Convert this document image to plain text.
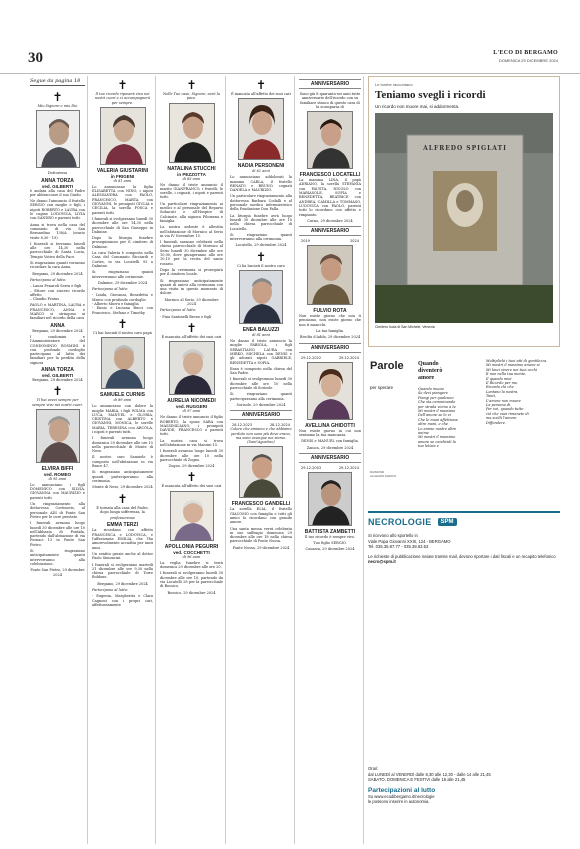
30	L'ECO DI BERGAMO
DOMENICA 29 DICEMBRE 2024
Segue da pagina 18
✝

Mio Signore e mio Dio

Dottoressa
ANNA TORZA
ved. GILBERTI

è andata alla casa del Padre per abbracciare il suo Guido.

Ne danno l'annuncio il fratello SERGIO con moglie e figli, i nipoti ROBERTO e LAURA con le cugine LODOVICA, LIVIA con SANDRO e parenti tutti.

Anna si trova nella casa del commiato di via San Bernardino 138/A (orario visite 8,30 - 19).

I funerali si terranno lunedì alle ore 14,30 nella parrocchiale di Santa Lucia, Tempio Votivo della Pace.

Si ringraziano quanti vorranno ricordare la cara Anna.

Bergamo, 29 dicembre 2024

Partecipano al lutto:

– Laura Fenaroli Serra e figli
– Ettore con sincero ricordo affetto
– Claudio Fratus

PAOLO e MARTINA, LAURA e FRANCESCO, ANNA e MARCO si stringono ai familiari nel ricordo della cara

ANNA

Bergamo, 29 dicembre 2024

I condomini e l'Amministratore del CONDOMINIO ROSMINI 6 con profondo cordoglio partecipano al lutto dei familiari per la perdita della signora

ANNA TORZA
ved. GILBERTI

Bergamo, 29 dicembre 2024

✝

Ti hai avevi sempre per sempre vivo nei nostri cuori.

ELVIRA BIFFI
ved. ROMEO
di 95 anni

Lo annunciano i figli DOMENICO con SILVIA, GIOVANNA con MAURIZIO e parenti tutti.

Un ringraziamento alla dottoressa Cortinovis, al personale ADI di Ponte San Pietro per le cure prestate.

I funerali avranno luogo lunedì 30 dicembre alle ore 10 nell'Abbazia di Pontida, partendo dall'abitazione di via Fornaci 13 in Ponte San Pietro.

Si ringraziano anticipatamente quanti interverranno alla celebrazione.

Ponte San Pietro, 29 dicembre 2024

✝

Il tuo ricordo riposerà vivo nei nostri cuori e ci accompagnerà per sempre.

VALERIA GIUSTARINI
in FRIGENI
di 81 anni

Lo annunciano la figlia ELISABETTA con NINO, i nipoti ALESSANDRA con PAOLO, FRANCESCO, MARTA con GIOVANNI, le pronipoti GIULIA e CECILIA, la sorella FOSCA e parenti tutti.

I funerali si svolgeranno lunedì 30 dicembre alle ore 14,30 nella parrocchiale di San Giuseppe in Dalmine.

Dopo la liturgia funebre proseguiranno per il cimitero di Dalmine.

La cara Valeria è composta nella Casa del Commiato Ricciardi e Cortes, in via Locatelli 93 a Dalmine.

Si ringraziano quanti interverranno alle cerimonie.

Dalmine, 29 dicembre 2024

Partecipano al lutto:

- Linda, Giovanni, Benedetta e Marco con profondo cordoglio
- Alberto Murru e famiglia
- Ennio e Luciana Bucci con Francesco, Stefano e Timothy

✝

Ci hai lasciati il nostro caro papà

SAMUELE CURNIS
di 89 anni

Lo annunciano con dolore la moglie MARIA, i figli WILMA con LUCA, MANUEL e GLORIA, CRISTINA con ALBERTO e GIOVANNI, MONICA, le sorelle MARIA, TERESINA con ARCOLA, i nipoti e parenti tutti.

I funerali avranno luogo domenica 29 dicembre alle ore 15 nella parrocchiale di Monte di Nese.

Il nostro caro Samuele è composto nell'abitazione in via Brace 47.

Si ringraziano anticipatamente quanti parteciperanno alla cerimonia.

Monte di Nese, 29 dicembre 2024

✝

È tornata alla casa del Padre, dopo lunga sofferenza, la

professoressa
EMMA TERZI

La ricordano con affetto FRANCESCA e LODOVICA, e l'affezionata EMILIA, che l'ha amorevolmente accudita per tanti anni.

Un sentito grazie anche al dottor Paolo Simoncini.

I funerali si svolgeranno martedì 31 dicembre alle ore 9,30 nella chiesa parrocchiale di Torre Boldone.

Bergamo, 29 dicembre 2024

Partecipano al lutto:

- Eugenia, Margherita e Clara Cagnoni con i propri cari, affettuosamente

✝

Nelle Tue case, Signore, avrò la pace.

NATALINA STUCCHI
in PEZZOTTA
di 83 anni

Ne danno il triste annuncio il marito GIANFRANCO, i fratelli, le sorelle, i cognati, i nipoti e parenti tutti.

Un particolare ringraziamento ai medici e al personale del Reparto Subacuti e all'Hospice di Calcinate, alla signora Filomena e famiglia.

La nostra ardente è allestita nell'abitazione di Mornico al Serio in via IV Novembre 15.

I funerali saranno celebrati nella chiesa parrocchiale di Mornico al Serio lunedì 30 dicembre alle ore 10,00, dove giungeranno alle ore 10,10 per la recita del santo rosario.

Dopo la cerimonia si proseguirà per il cimitero locale.

Si ringraziano anticipatamente quanti di unirsi alla cerimonia con una visita in questo momento di dolore.

Mornico al Serio, 29 dicembre 2024

Partecipano al lutto:

- Pina Santinelli Breno e figli

✝

È mancata all'affetto dei suoi cari

AURELIA NICOMEDI
ved. RUGGERI
di 97 anni

Ne danno il triste annuncio il figlio ROBERTO, la sposa SARA con MASSIMILIANO, i pronipoti DAVIDE, FRANCESCO e parenti tutti.

La nostra cara si trova nell'abitazione in via Marzini 15.

I funerali avranno luogo lunedì 30 dicembre alle ore 10 nella parrocchiale di Zogno.

Zogno, 29 dicembre 2024

✝

È mancata all'affetto dei suoi cari

APOLLONIA PEGURRI
ved. COCCHETTI
di 96 anni

La veglia funebre si terrà domenica 29 dicembre alle ore 20.

I funerali si svolgeranno lunedì 30 dicembre alle ore 10, partendo da via Locatelli 28 per la parrocchiale di Bossico.

Bossico, 29 dicembre 2024

✝

È mancata all'affetto dei suoi cari

NADIA PERSONENI
di 62 anni

Lo annunciano addolorati la mamma CARLA, il fratello RENATO e BRUNO, cognati DANIELA e MAURIZIO.

Un particolare ringraziamento alla dottoressa Barbara Codalli e al personale medico infermieristico della Fondazione Don Palla.

La liturgia funebre avrà luogo lunedì 30 dicembre alle ore 10 nella chiesa parrocchiale di Locatello.

Si ringraziano quanti interverranno alla cerimonia.

Locatello, 29 dicembre 2024

✝

Ci ha lasciati il nostro caro

ENEA BALUZZI
di 81 anni

Ne danno il triste annuncio la moglie FABIOLA, i figli SEBASTIANO, LAURA con MIRKO, MICHELA con DENIS e gli adorati nipoti GABRIELE, BENEDETTA e SOFIA.

Enea è composto nella chiesa del San Padre.

I funerali si svolgeranno lunedì 30 dicembre alle ore 10 nella parrocchiale di Sorisole.

Si ringraziano quanti parteciperanno alla cerimonia.

Sorisole, 29 dicembre 2024

ANNIVERSARIO
28.12.2023	28.12.2024

Colore che amiamo e che abbiamo perduto non sono più dove erano, ma sono ovunque noi siamo. (Sant'Agostino)

FRANCESCO GANDELLI

La sorella ELIA, il fratello GIACOMO con famiglia e tutti gli amici lo ricordano con grande amore.

Una santa messa verrà celebrata in suo suffragio domenica 29 dicembre alle ore 18 nella chiesa parrocchiale di Ponte Nossa.

Ponte Nossa, 29 dicembre 2024

ANNIVERSARIO

Sono già 8 quaranta-sei anni tutte anniversarie dell'ricordo con su familiare stanco di questo cara di la scomparsa di

FRANCESCO LOCATELLI

La mamma LINA, il papà ADRIANO, la sorella STEFANIA con FAUSTA, NICOLO con MARIASOLE, SOFIA e BENEDETTA, BEATRICE con ANDREA, CAMILLA e TOMMASO, LUDOVICA con PAOLO, parenti tutti lo ricordano con affetto e rimpianto.

Curno, 29 dicembre 2024

ANNIVERSARIO
2019	2024
FULVIO ROTA

Non esiste giorno che non ti pensiamo, non esiste giorno che non ti mancchi.

La tua famiglia.

Rivolta d'Adda, 29 dicembre 2024

ANNIVERSARIO
29.12.2022	29.12.2024
AVELLINA GHIDOTTI

Non esiste giorno in cui non sentiamo la tua mancanza.

DENIS e MANUEL con famiglia.

Zanica, 29 dicembre 2024

ANNIVERSARIO
29.12.2003	29.12.2024
BATTISTA ZAMBETTI

Il tuo ricordo è sempre vivo.

Tuo figlio SERGIO.

Casazza, 29 dicembre 2024

Le tombe raccontano
Teniamo svegli i ricordi
Un ricordo non muore mai, si addormenta.
ALFREDO SPIGLATI
Cimitero Isola di San Michele, Venezia
Parole
per sperare
Quando diventerò amore
Quando muoio
Se devi piangere
Piangi per qualcuno
Che sta camminando
per strada vicino a te
Mi mostri il massimo
Dell'amore se lo vi
Che le mani affettuose
altre mani, e che
Le anime nostre altre
anime
Mi mostri il massimo
amore se condividi la
tua letizia e
Moltiplichi i tuoi atti di gentilezza.
Mi mostri il massimo amore si
Mi lasci vivere nei tuoi occhi
E non nella tua mente.
Il quando miei
Il Ricordo per me.
Ricorda chi che
Lontano la nostra.
Tanti,
L'amore non muore
La persona di.
Per voi, quando tutto
ciò che vuoi rimanete di
ma scelti l'amore
Diffondere.
RAIMOND
ALLEGRO MARCO
NECROLOGIE	SPM
Si ricevono allo sportello in
Viale Papa Giovanni XXIII, 124 - BERGAMO
Tel. 035.35.87.77 - 035.38.63.53
Le richieste di pubblicazione inviate tramite mail, devono riportare i dati fiscali e un recapito telefonico
necro@spm.it
Orari:
dal LUNEDÌ al VENERDÌ dalle 8,30 alle 12,30 - dalle 14 alle 21,45
SABATO, DOMENICA E FESTIVI dalle 16 alle 21,45
Partecipazioni al lutto
Su www.ecodibergamo.it/necrologie
le possono inserire in autonomia.
